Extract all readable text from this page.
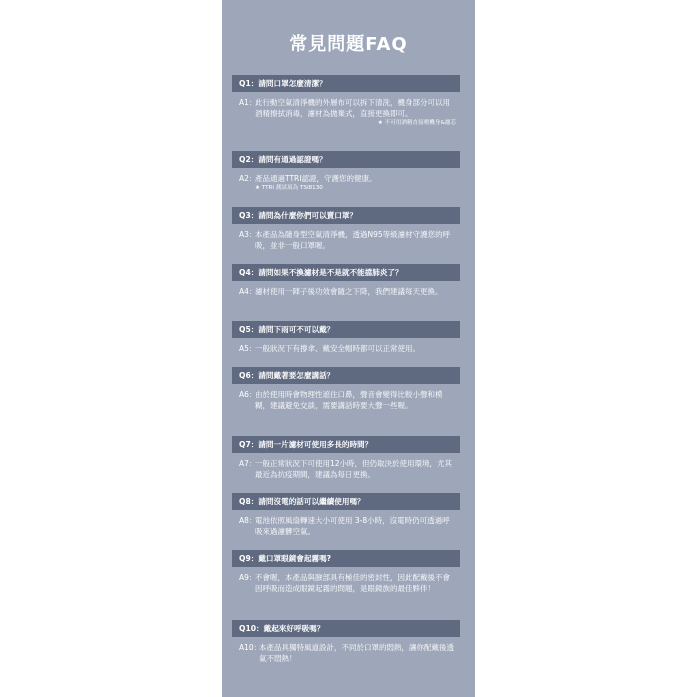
常見問題FAQ
Q1：請問口罩怎麼清潔？
A1：
此行動空氣清淨機的外層布可以拆下清洗，機身部分可以用酒精擦拭消毒，濾材為拋棄式，直接更換即可。
★ 不可用酒精直接噴機身&濾芯
Q2：請問有通過認證嗎？
A2：
產品通過TTRI認證，守護您的健康。
★ TTRI 測試項為 TSI8130
Q3：請問為什麼你們可以賣口罩？
A3：
本產品為隨身型空氣清淨機，透過N95等級濾材守護您的呼吸，並非一般口罩喔。
Q4：請問如果不換濾材是不是就不能擋肺炎了？
A4：
濾材使用一陣子後功效會隨之下降，我們建議每天更換。
Q5：請問下雨可不可以戴？
A5：
一般狀況下有撐傘、戴安全帽時都可以正常使用。
Q6：請問戴著要怎麼講話？
A6：
由於使用時會物理性遮住口鼻，聲音會變得比較小聲和模糊，建議避免交談，需要講話時要大聲一些喔。
Q7：請問一片濾材可使用多長的時間？
A7：
一般正常狀況下可使用12小時，但仍取決於使用環境，尤其最近為抗疫期間，建議為每日更換。
Q8：請問沒電的話可以繼續使用嗎？
A8：
電池依照風扇轉速大小可使用 3-8小時，沒電時仍可透過呼吸來過濾髒空氣。
Q9：戴口罩眼鏡會起霧嗎?
A9：
不會喔，本產品與臉部具有極佳的密封性，因此配戴後不會因呼吸而造成眼鏡起霧的問題，是眼鏡族的最佳夥伴！
Q10：戴起來好呼吸嗎？
A10：
本產品具獨特風道設計，不同於口罩的悶熱，讓你配戴後透氣不悶熱！
